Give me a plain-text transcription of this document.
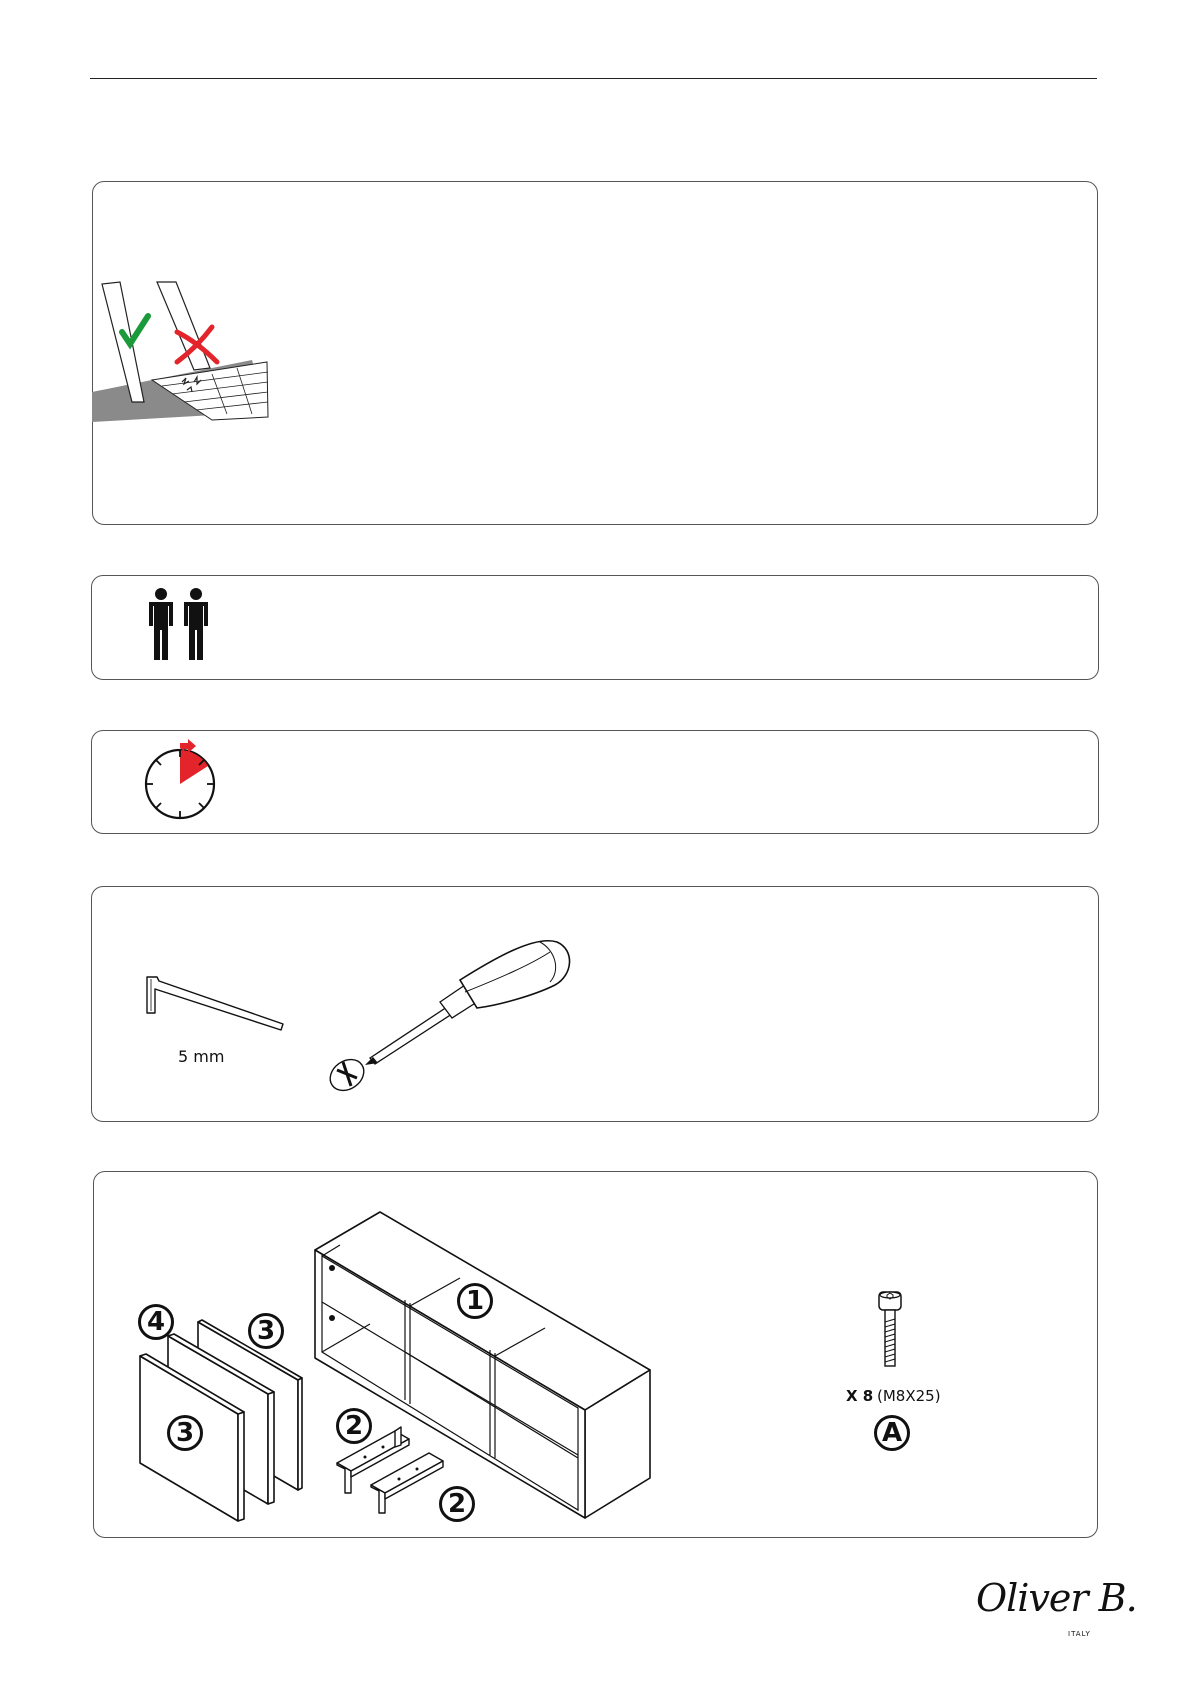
5 mm
1
2
2
3
3
4
X 8 (M8X25)
A
Oliver B.
ITALY
